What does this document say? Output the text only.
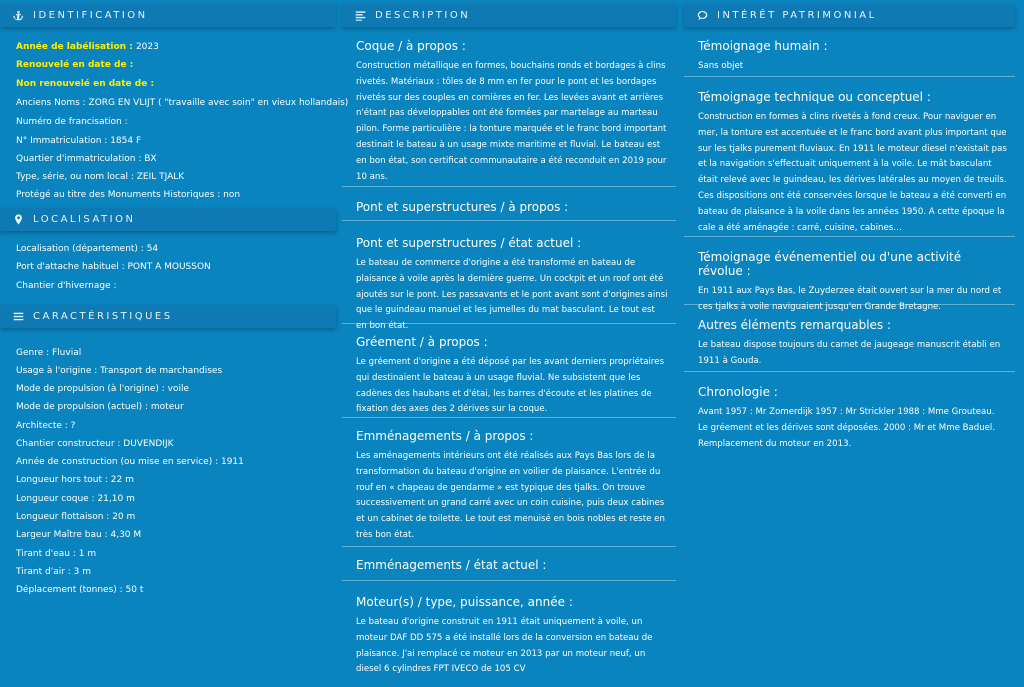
IDENTIFICATION
Année de labélisation : 2023
Renouvelé en date de :
Non renouvelé en date de :
Anciens Noms : ZORG EN VLIJT ( "travaille avec soin" en vieux hollandais)
Numéro de francisation :
N° Immatriculation : 1854 F
Quartier d'immatriculation : BX
Type, série, ou nom local : ZEIL TJALK
Protégé au titre des Monuments Historiques : non
LOCALISATION
Localisation (département) : 54
Port d'attache habituel : PONT A MOUSSON
Chantier d'hivernage :
CARACTÉRISTIQUES
Genre : Fluvial
Usage à l'origine : Transport de marchandises
Mode de propulsion (à l'origine) : voile
Mode de propulsion (actuel) : moteur
Architecte : ?
Chantier constructeur : DUVENDIJK
Année de construction (ou mise en service) : 1911
Longueur hors tout : 22 m
Longueur coque : 21,10 m
Longueur flottaison : 20 m
Largeur Maître bau : 4,30 M
Tirant d'eau : 1 m
Tirant d'air : 3 m
Déplacement (tonnes) : 50 t
DESCRIPTION
Coque / à propos :

Construction métallique en formes, bouchains ronds et bordages à clins rivetés. Matériaux : tôles de 8 mm en fer pour le pont et les bordages rivetés sur des couples en cornières en fer. Les levées avant et arrières n'étant pas développables ont été formées par martelage au marteau pilon. Forme particulière : la tonture marquée et le franc bord important destinait le bateau à un usage mixte maritime et fluvial. Le bateau est en bon état, son certificat communautaire a été reconduit en 2019 pour 10 ans.

Pont et superstructures / à propos :
Pont et superstructures / état actuel :

Le bateau de commerce d'origine a été transformé en bateau de plaisance à voile après la dernière guerre. Un cockpit et un roof ont été ajoutés sur le pont. Les passavants et le pont avant sont d'origines ainsi que le guindeau manuel et les jumelles du mat basculant. Le tout est en bon état.

Gréement / à propos :

Le gréement d'origine a été déposé par les avant derniers propriétaires qui destinaient le bateau à un usage fluvial. Ne subsistent que les cadènes des haubans et d'étai, les barres d'écoute et les platines de fixation des axes des 2 dérives sur la coque.

Emménagements / à propos :

Les aménagements intérieurs ont été réalisés aux Pays Bas lors de la transformation du bateau d'origine en voilier de plaisance. L'entrée du rouf en « chapeau de gendarme » est typique des tjalks. On trouve successivement un grand carré avec un coin cuisine, puis deux cabines et un cabinet de toilette. Le tout est menuisé en bois nobles et reste en très bon état.

Emménagements / état actuel :
Moteur(s) / type, puissance, année :

Le bateau d'origine construit en 1911 était uniquement à voile, un moteur DAF DD 575 a été installé lors de la conversion en bateau de plaisance. J'ai remplacé ce moteur en 2013 par un moteur neuf, un diesel 6 cylindres FPT IVECO de 105 CV

INTÉRÊT PATRIMONIAL
Témoignage humain :

Sans objet

Témoignage technique ou conceptuel :

Construction en formes à clins rivetés à fond creux. Pour naviguer en mer, la tonture est accentuée et le franc bord avant plus important que sur les tjalks purement fluviaux. En 1911 le moteur diesel n'existait pas et la navigation s'effectuait uniquement à la voile. Le mât basculant était relevé avec le guindeau, les dérives latérales au moyen de treuils. Ces dispositions ont été conservées lorsque le bateau a été converti en bateau de plaisance à la voile dans les années 1950. A cette époque la cale a été aménagée : carré, cuisine, cabines…

Témoignage événementiel ou d'une activité révolue :

En 1911 aux Pays Bas, le Zuyderzee était ouvert sur la mer du nord et ces tjalks à voile naviguaient jusqu'en Grande Bretagne.

Autres éléments remarquables :

Le bateau dispose toujours du carnet de jaugeage manuscrit établi en 1911 à Gouda.

Chronologie :

Avant 1957 : Mr Zomerdijk 1957 : Mr Strickler 1988 : Mme Grouteau. Le gréement et les dérives sont déposées. 2000 : Mr et Mme Baduel. Remplacement du moteur en 2013.
